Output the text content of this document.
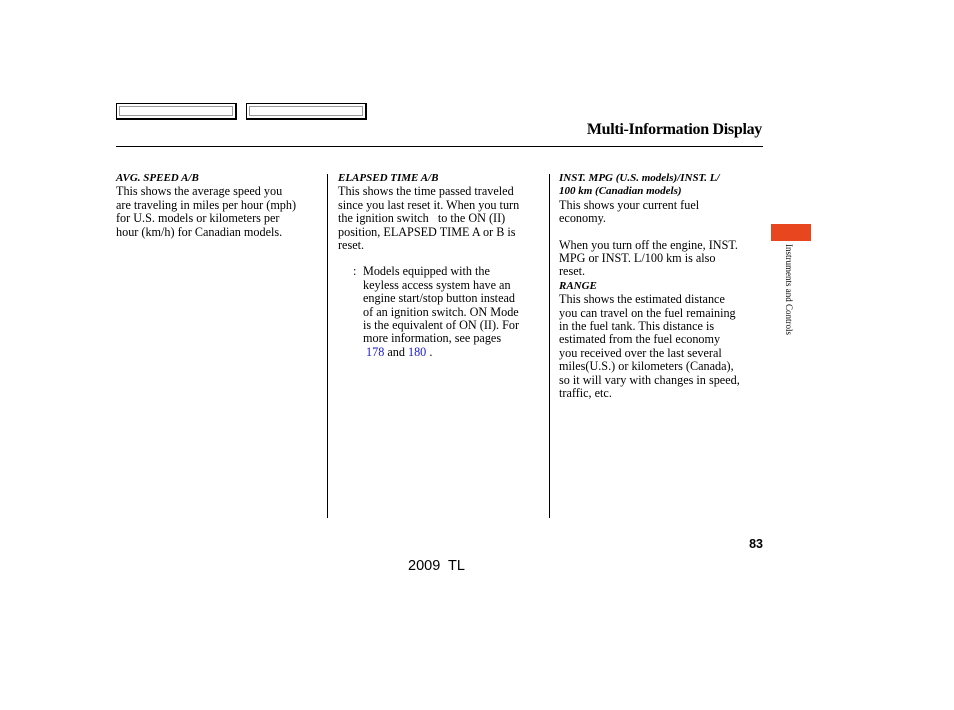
Multi-Information Display
AVG. SPEED A/B
This shows the average speed you
are traveling in miles per hour (mph)
for U.S. models or kilometers per
hour (km/h) for Canadian models.
ELAPSED TIME A/B
This shows the time passed traveled
since you last reset it. When you turn
the ignition switch   to the ON (II)
position, ELAPSED TIME A or B is
reset.
: Models equipped with the
keyless access system have an
engine start/stop button instead
of an ignition switch. ON Mode
is the equivalent of ON (II). For
more information, see pages
178 and 180 .
INST. MPG (U.S. models)/INST. L/
100 km (Canadian models)
This shows your current fuel
economy.
When you turn off the engine, INST.
MPG or INST. L/100 km is also
reset.
RANGE
This shows the estimated distance
you can travel on the fuel remaining
in the fuel tank. This distance is
estimated from the fuel economy
you received over the last several
miles(U.S.) or kilometers (Canada),
so it will vary with changes in speed,
traffic, etc.
Instruments and Controls
83
2009  TL
